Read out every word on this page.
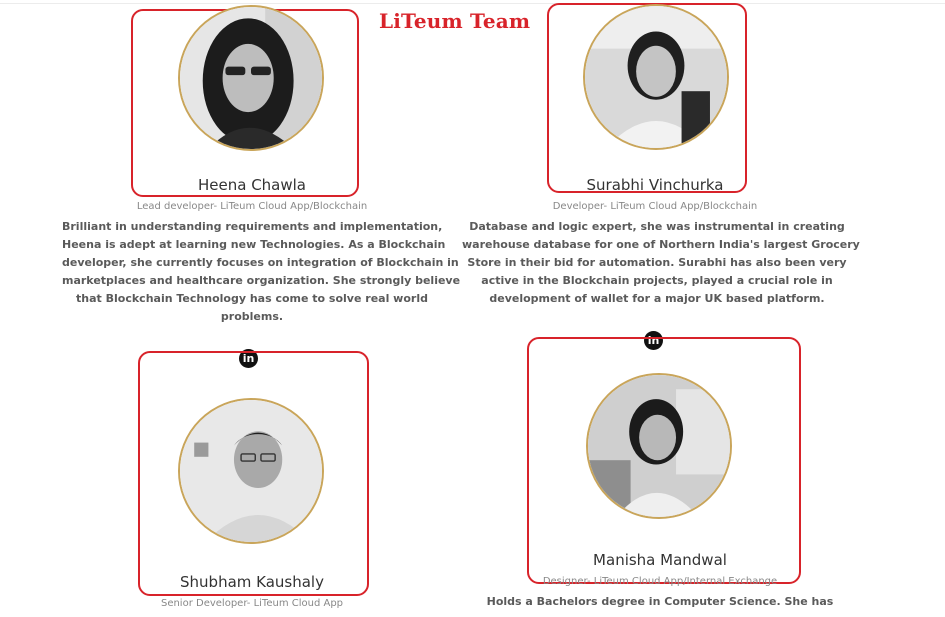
LiTeum Team
Heena Chawla
Lead developer- LiTeum Cloud App/Blockchain
Brilliant in understanding requirements and implementation,
Heena is adept at learning new Technologies. As a Blockchain
developer, she currently focuses on integration of Blockchain in
marketplaces and healthcare organization. She strongly believe
that Blockchain Technology has come to solve real world
problems.
Surabhi Vinchurka
Developer- LiTeum Cloud App/Blockchain
Database and logic expert, she was instrumental in creating
warehouse database for one of Northern India's largest Grocery
Store in their bid for automation. Surabhi has also been very
active in the Blockchain projects, played a crucial role in
development of wallet for a major UK based platform.
in
Shubham Kaushaly
Senior Developer- LiTeum Cloud App
in
Manisha Mandwal
Designer- LiTeum Cloud App/Internal Exchange
Holds a Bachelors degree in Computer Science. She has
